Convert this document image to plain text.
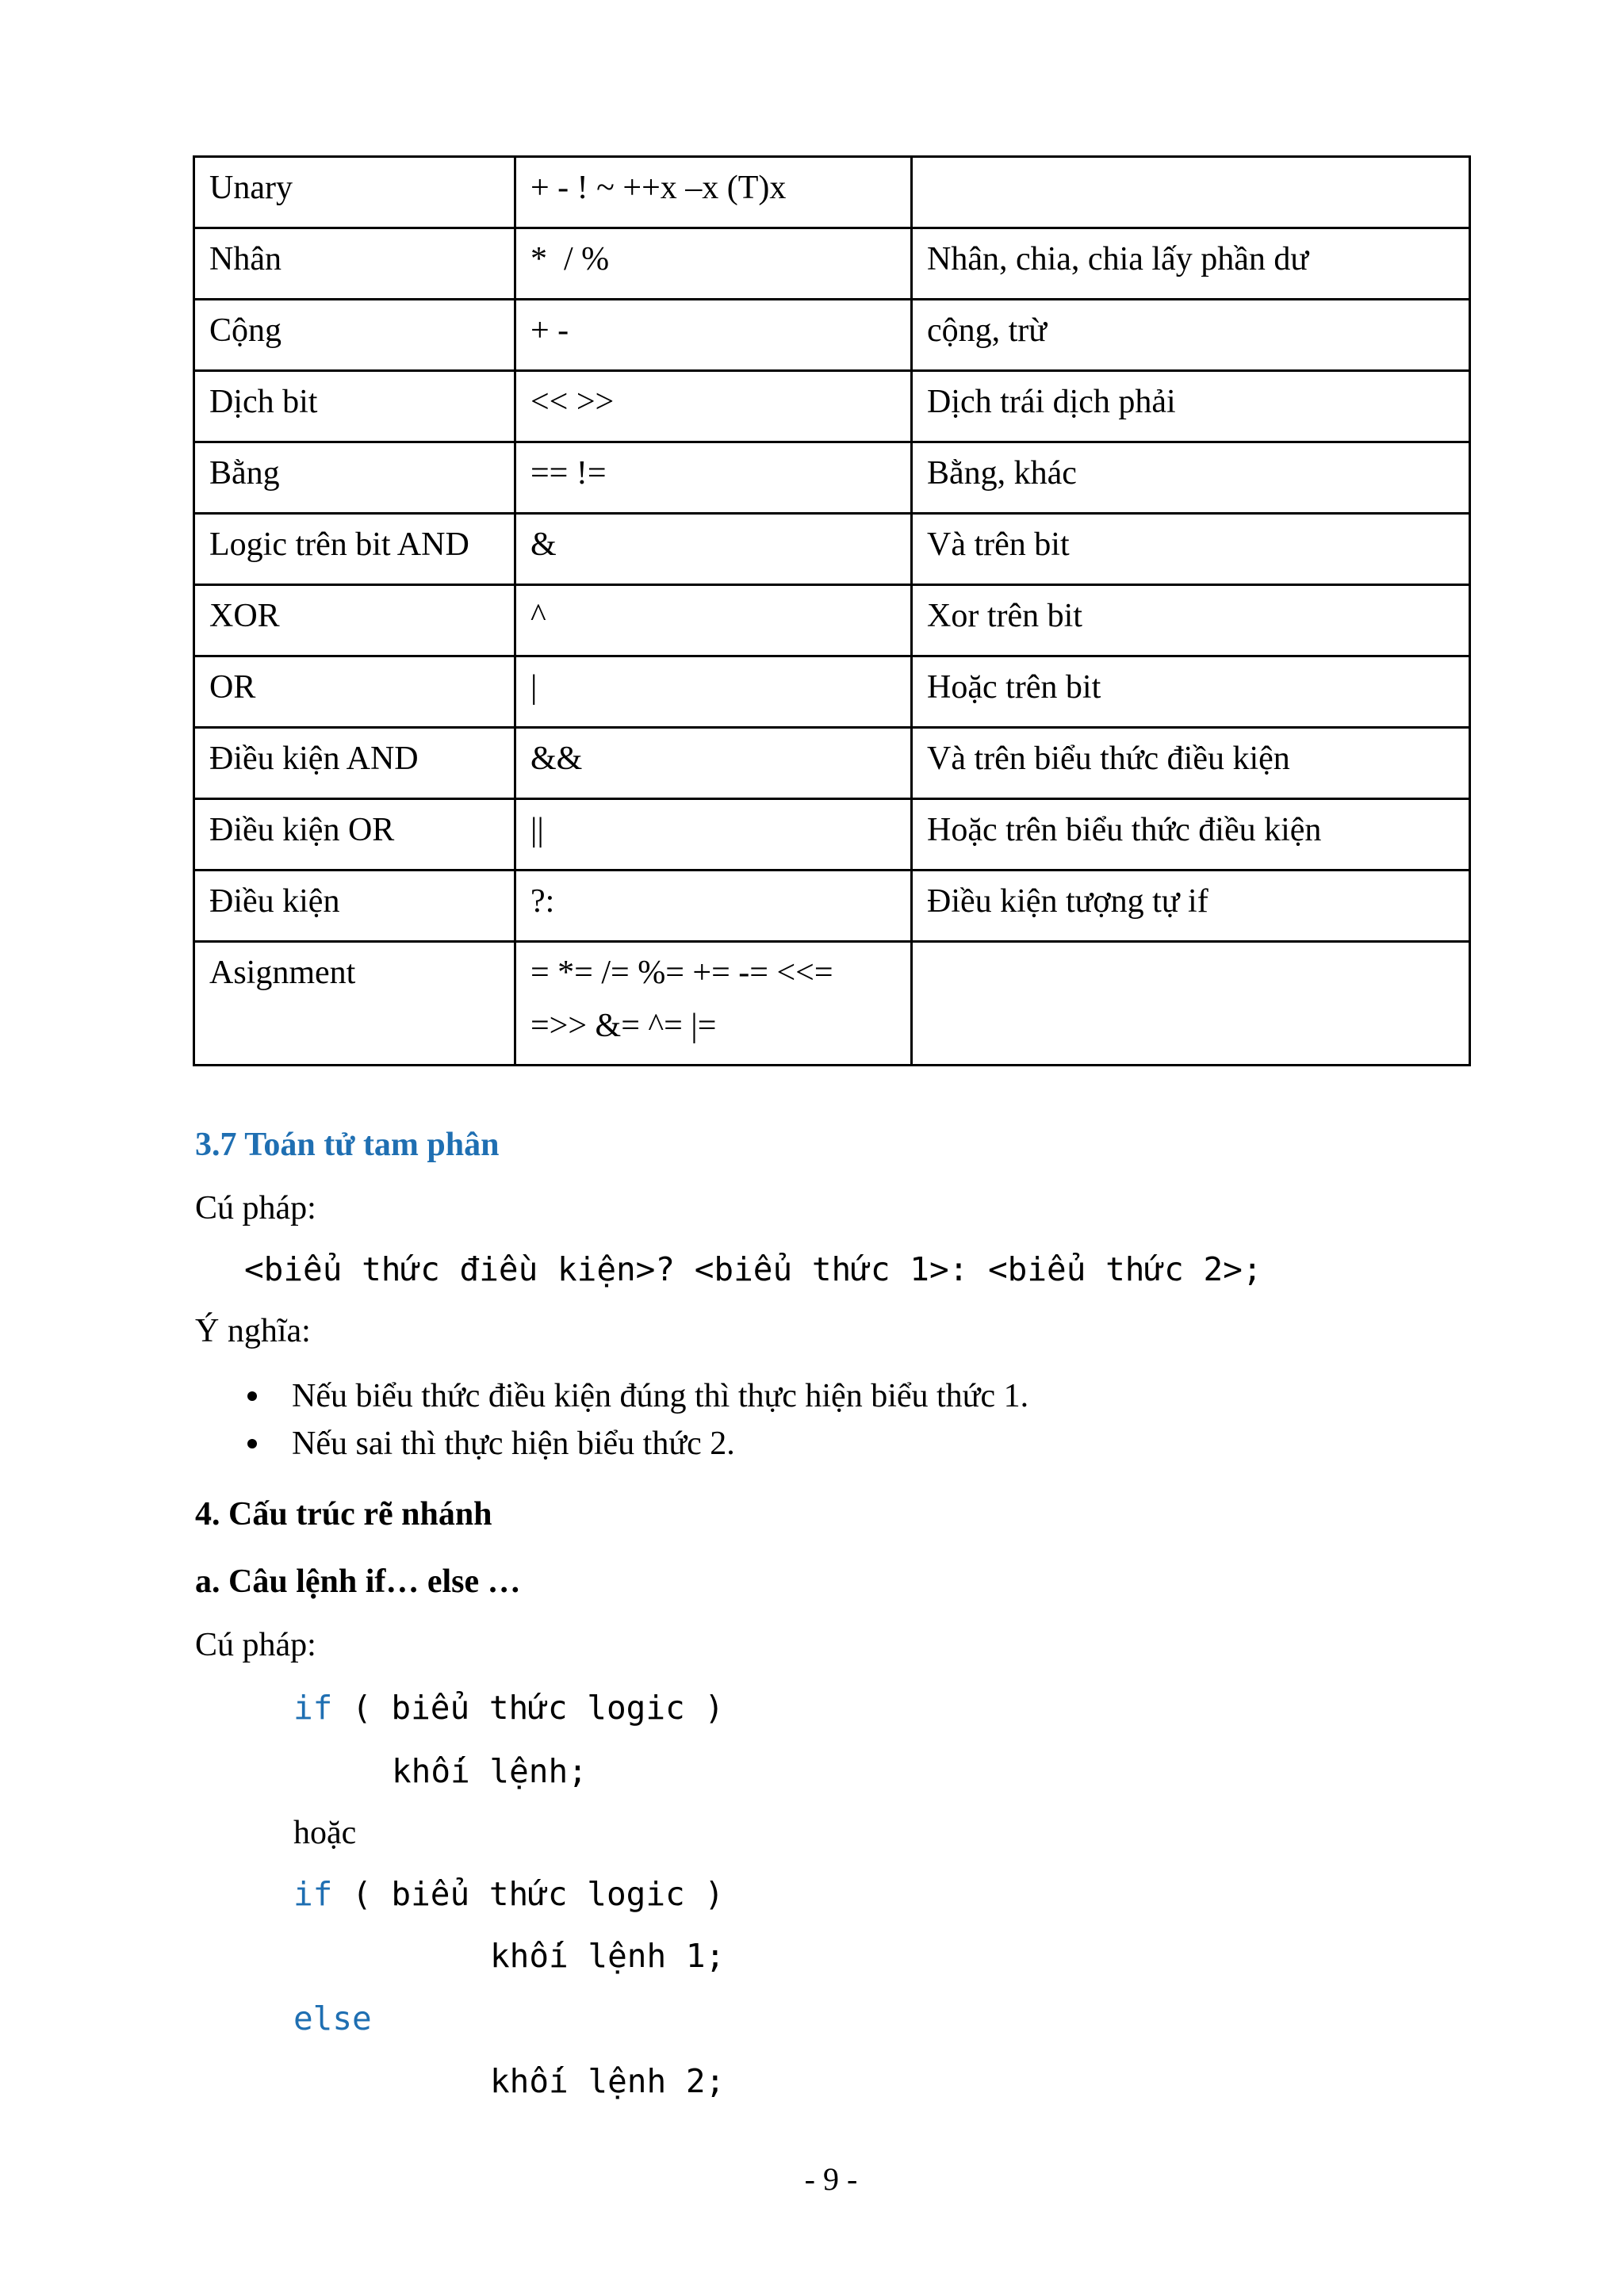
Unary	+ - ! ~ ++x –x (T)x	
Nhân	*  / %	Nhân, chia, chia lấy phần dư
Cộng	+ -	cộng, trừ
Dịch bit	<< >>	Dịch trái dịch phải
Bằng	== !=	Bằng, khác
Logic trên bit AND	&	Và trên bit
XOR	^	Xor trên bit
OR	|	Hoặc trên bit
Điều kiện AND	&&	Và trên biểu thức điều kiện
Điều kiện OR	||	Hoặc trên biểu thức điều kiện
Điều kiện	?:	Điều kiện tượng tự if
Asignment	= *= /= %= += -= <<=
=>> &= ^= |=	

3.7 Toán tử tam phân
Cú pháp:
<biểu thức điều kiện>? <biểu thức 1>: <biểu thức 2>;
Ý nghĩa:
Nếu biểu thức điều kiện đúng thì thực hiện biểu thức 1.
Nếu sai thì thực hiện biểu thức 2.
4. Cấu trúc rẽ nhánh
a. Câu lệnh if… else …
Cú pháp:
if ( biểu thức logic )
khối lệnh;
hoặc
if ( biểu thức logic )
khối lệnh 1;
else
khối lệnh 2;
- 9 -
